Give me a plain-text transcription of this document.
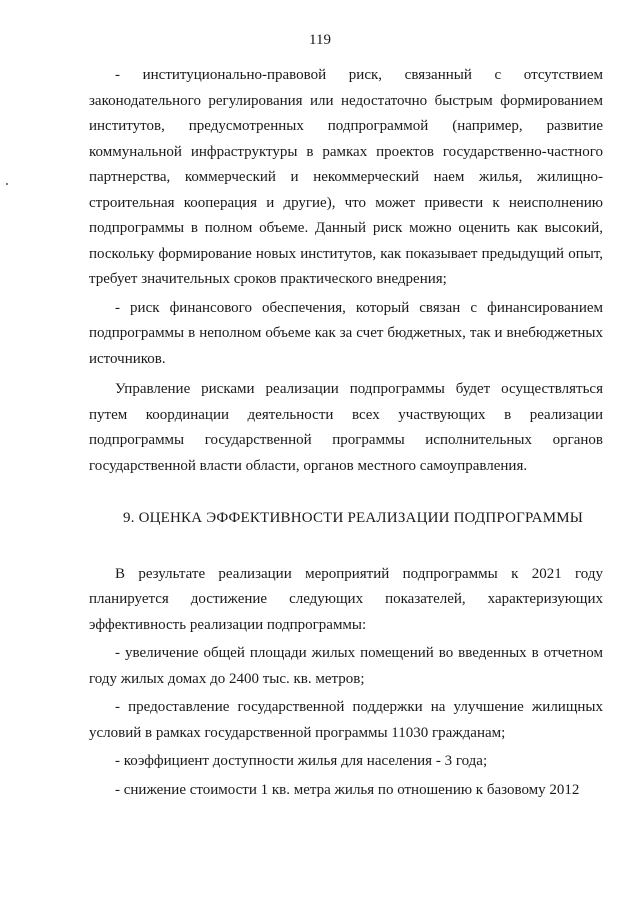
119

- институционально-правовой риск, связанный с отсутствием законодательного регулирования или недостаточно быстрым формированием институтов, предусмотренных подпрограммой (например, развитие коммунальной инфраструктуры в рамках проектов государственно-частного партнерства, коммерческий и некоммерческий наем жилья, жилищно-строительная кооперация и другие), что может привести к неисполнению подпрограммы в полном объеме. Данный риск можно оценить как высокий, поскольку формирование новых институтов, как показывает предыдущий опыт, требует значительных сроков практического внедрения;

- риск финансового обеспечения, который связан с финансированием подпрограммы в неполном объеме как за счет бюджетных, так и внебюджетных источников.

Управление рисками реализации подпрограммы будет осуществляться путем координации деятельности всех участвующих в реализации подпрограммы государственной программы исполнительных органов государственной власти области, органов местного самоуправления.

9. ОЦЕНКА ЭФФЕКТИВНОСТИ РЕАЛИЗАЦИИ ПОДПРОГРАММЫ

В результате реализации мероприятий подпрограммы к 2021 году планируется достижение следующих показателей, характеризующих эффективность реализации подпрограммы:

- увеличение общей площади жилых помещений во введенных в отчетном году жилых домах до 2400 тыс. кв. метров;

- предоставление государственной поддержки на улучшение жилищных условий в рамках государственной программы 11030 гражданам;

- коэффициент доступности жилья для населения - 3 года;

- снижение стоимости 1 кв. метра жилья по отношению к базовому 2012
